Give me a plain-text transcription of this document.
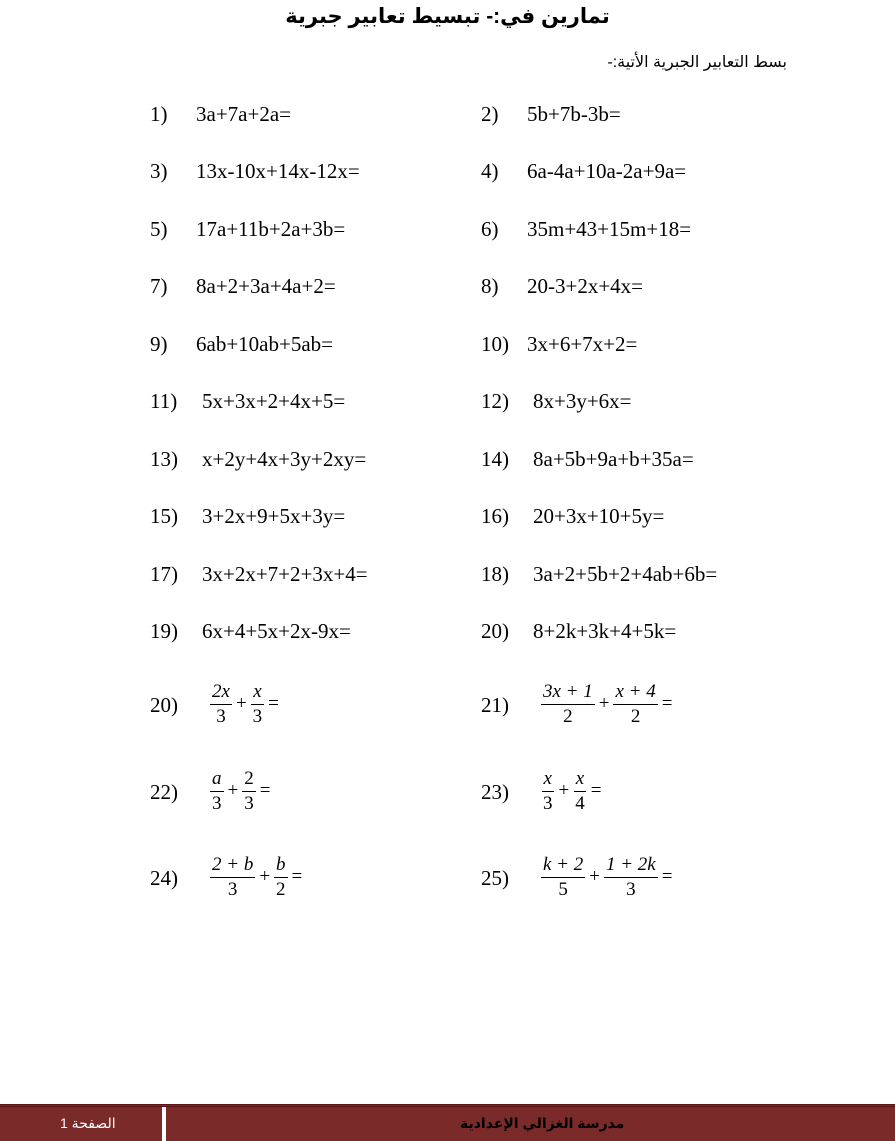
تمارين في:- تبسيط تعابير جبرية
بسط التعابير الجبرية الأتية:-
1) 3a+7a+2a=	2) 5b+7b-3b=
3) 13x-10x+14x-12x=	4) 6a-4a+10a-2a+9a=
5) 17a+11b+2a+3b=	6) 35m+43+15m+18=
7) 8a+2+3a+4a+2=	8) 20-3+2x+4x=
9) 6ab+10ab+5ab=	10) 3x+6+7x+2=
11) 5x+3x+2+4x+5=	12) 8x+3y+6x=
13) x+2y+4x+3y+2xy=	14) 8a+5b+9a+b+35a=
15) 3+2x+9+5x+3y=	16) 20+3x+10+5y=
17) 3x+2x+7+2+3x+4=	18) 3a+2+5b+2+4ab+6b=
19) 6x+4+5x+2x-9x=	20) 8+2k+3k+4+5k=
$20) \frac{2x}{3} + \frac{x}{3}$ =	$21) \frac{3x + 1}{2} + \frac{x + 4}{2}$ =
$22) \frac{a}{3} + \frac{2}{3}$ =	$23) \frac{x}{3} + \frac{x}{4}$ =
$24) \frac{2 + b}{3} + \frac{b}{2}$ =	$25) \frac{k + 2}{5} + \frac{1 + 2k}{3}$ =
مدرسة الغزالي الإعدادية
الصفحة 1
